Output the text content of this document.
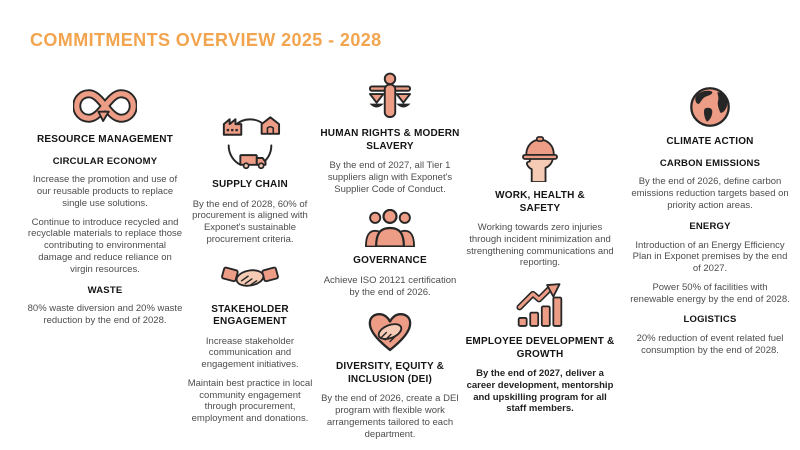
COMMITMENTS OVERVIEW 2025 - 2028
RESOURCE MANAGEMENT
CIRCULAR ECONOMY

Increase the promotion and use of our reusable products to replace single use solutions.

Continue to introduce recycled and recyclable materials to replace those contributing to environmental damage and reduce reliance on virgin resources.

WASTE

80% waste diversion and 20% waste reduction by the end of 2028.

SUPPLY CHAIN

By the end of 2028, 60% of procurement is aligned with Exponet's sustainable procurement criteria.

STAKEHOLDER ENGAGEMENT

Increase stakeholder communication and engagement initiatives.

Maintain best practice in local community engagement through procurement, employment and donations.

HUMAN RIGHTS & MODERN SLAVERY

By the end of 2027, all Tier 1 suppliers align with Exponet's Supplier Code of Conduct.

GOVERNANCE

Achieve ISO 20121 certification by the end of 2026.

DIVERSITY, EQUITY & INCLUSION (DEI)

By the end of 2026, create a DEI program with flexible work arrangements tailored to each department.

WORK, HEALTH & SAFETY

Working towards zero injuries through incident minimization and strengthening communications and reporting.

EMPLOYEE DEVELOPMENT & GROWTH

By the end of 2027, deliver a career development, mentorship and upskilling program for all staff members.

CLIMATE ACTION
CARBON EMISSIONS

By the end of 2026, define carbon emissions reduction targets based on priority action areas.

ENERGY

Introduction of an Energy Efficiency Plan in Exponet premises by the end of 2027.

Power 50% of facilities with renewable energy by the end of 2028.

LOGISTICS

20% reduction of event related fuel consumption by the end of 2028.
